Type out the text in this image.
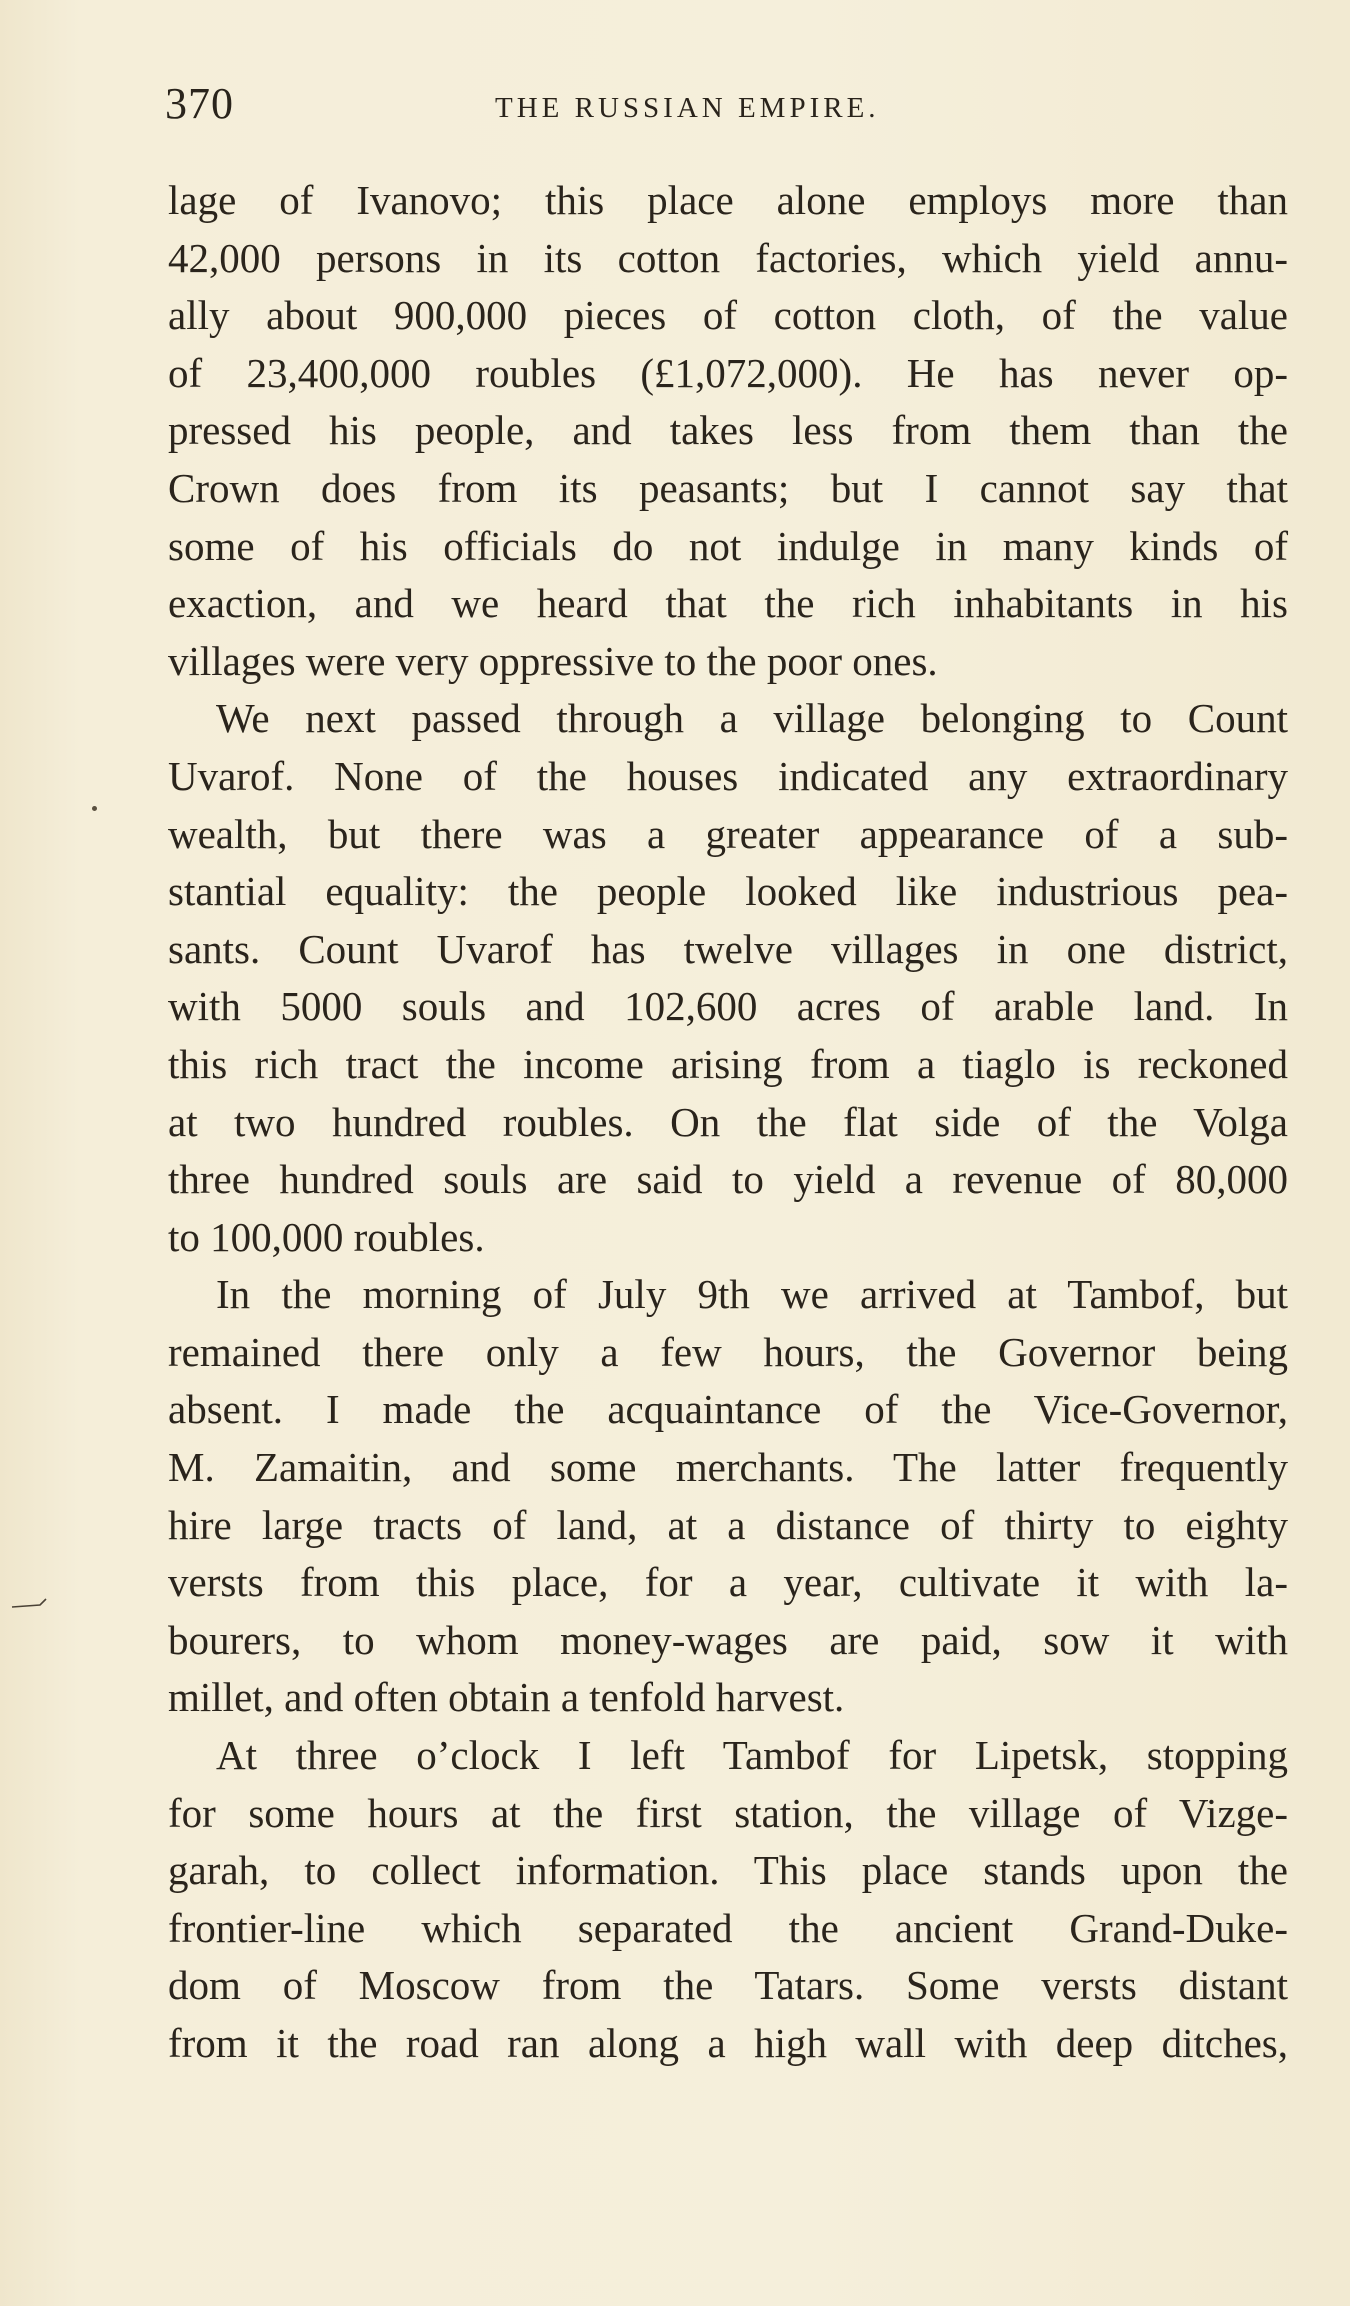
370	THE RUSSIAN EMPIRE.
lage of Ivanovo; this place alone employs more than
42,000 persons in its cotton factories, which yield annu-
ally about 900,000 pieces of cotton cloth, of the value
of 23,400,000 roubles (£1,072,000). He has never op-
pressed his people, and takes less from them than the
Crown does from its peasants; but I cannot say that
some of his officials do not indulge in many kinds of
exaction, and we heard that the rich inhabitants in his
villages were very oppressive to the poor ones.
We next passed through a village belonging to Count
Uvarof. None of the houses indicated any extraordinary
wealth, but there was a greater appearance of a sub-
stantial equality: the people looked like industrious pea-
sants. Count Uvarof has twelve villages in one district,
with 5000 souls and 102,600 acres of arable land. In
this rich tract the income arising from a tiaglo is reckoned
at two hundred roubles. On the flat side of the Volga
three hundred souls are said to yield a revenue of 80,000
to 100,000 roubles.
In the morning of July 9th we arrived at Tambof, but
remained there only a few hours, the Governor being
absent. I made the acquaintance of the Vice-Governor,
M. Zamaitin, and some merchants. The latter frequently
hire large tracts of land, at a distance of thirty to eighty
versts from this place, for a year, cultivate it with la-
bourers, to whom money-wages are paid, sow it with
millet, and often obtain a tenfold harvest.
At three o’clock I left Tambof for Lipetsk, stopping
for some hours at the first station, the village of Vizge-
garah, to collect information. This place stands upon the
frontier-line which separated the ancient Grand-Duke-
dom of Moscow from the Tatars. Some versts distant
from it the road ran along a high wall with deep ditches,
